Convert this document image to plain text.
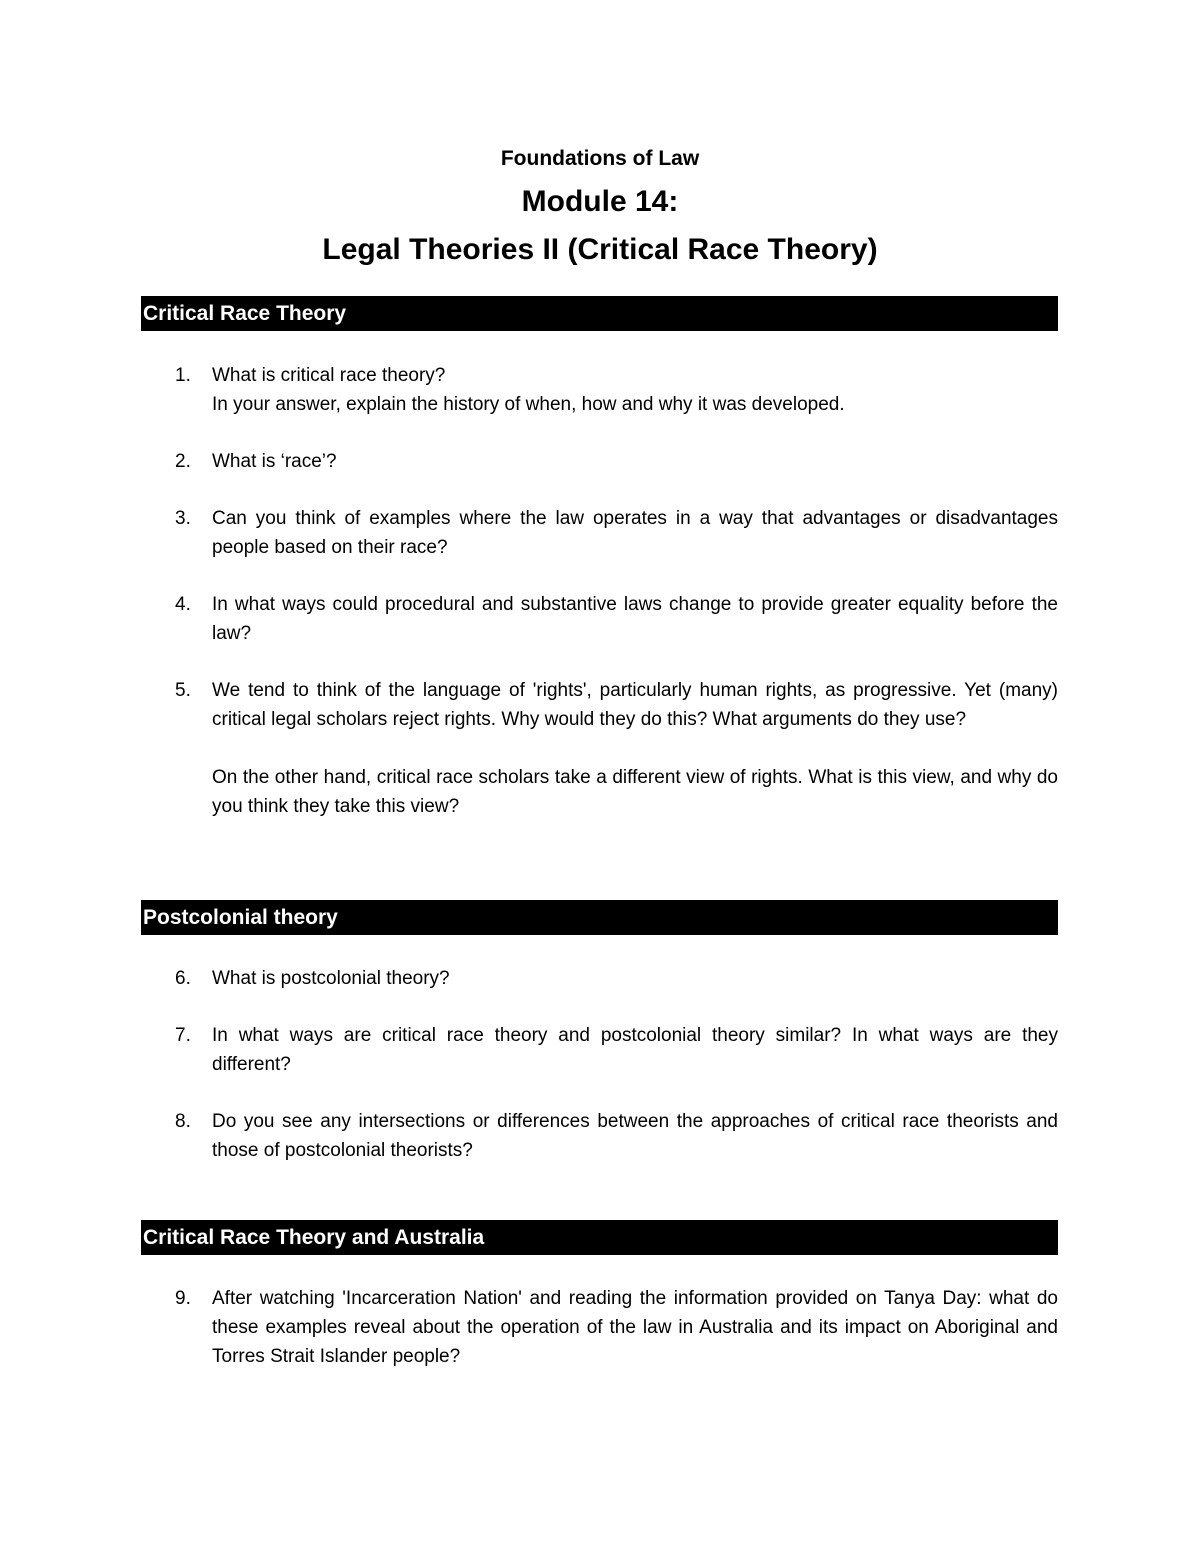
Foundations of Law
Module 14:
Legal Theories II (Critical Race Theory)
Critical Race Theory
1. What is critical race theory?

In your answer, explain the history of when, how and why it was developed.

2. What is ‘race’?

3. Can you think of examples where the law operates in a way that advantages or disadvantages people based on their race?

4. In what ways could procedural and substantive laws change to provide greater equality before the law?

5. We tend to think of the language of 'rights', particularly human rights, as progressive. Yet (many) critical legal scholars reject rights. Why would they do this? What arguments do they use?

On the other hand, critical race scholars take a different view of rights. What is this view, and why do you think they take this view?

Postcolonial theory
6. What is postcolonial theory?

7. In what ways are critical race theory and postcolonial theory similar? In what ways are they different?

8. Do you see any intersections or differences between the approaches of critical race theorists and those of postcolonial theorists?

Critical Race Theory and Australia
9. After watching 'Incarceration Nation' and reading the information provided on Tanya Day: what do these examples reveal about the operation of the law in Australia and its impact on Aboriginal and Torres Strait Islander people?
